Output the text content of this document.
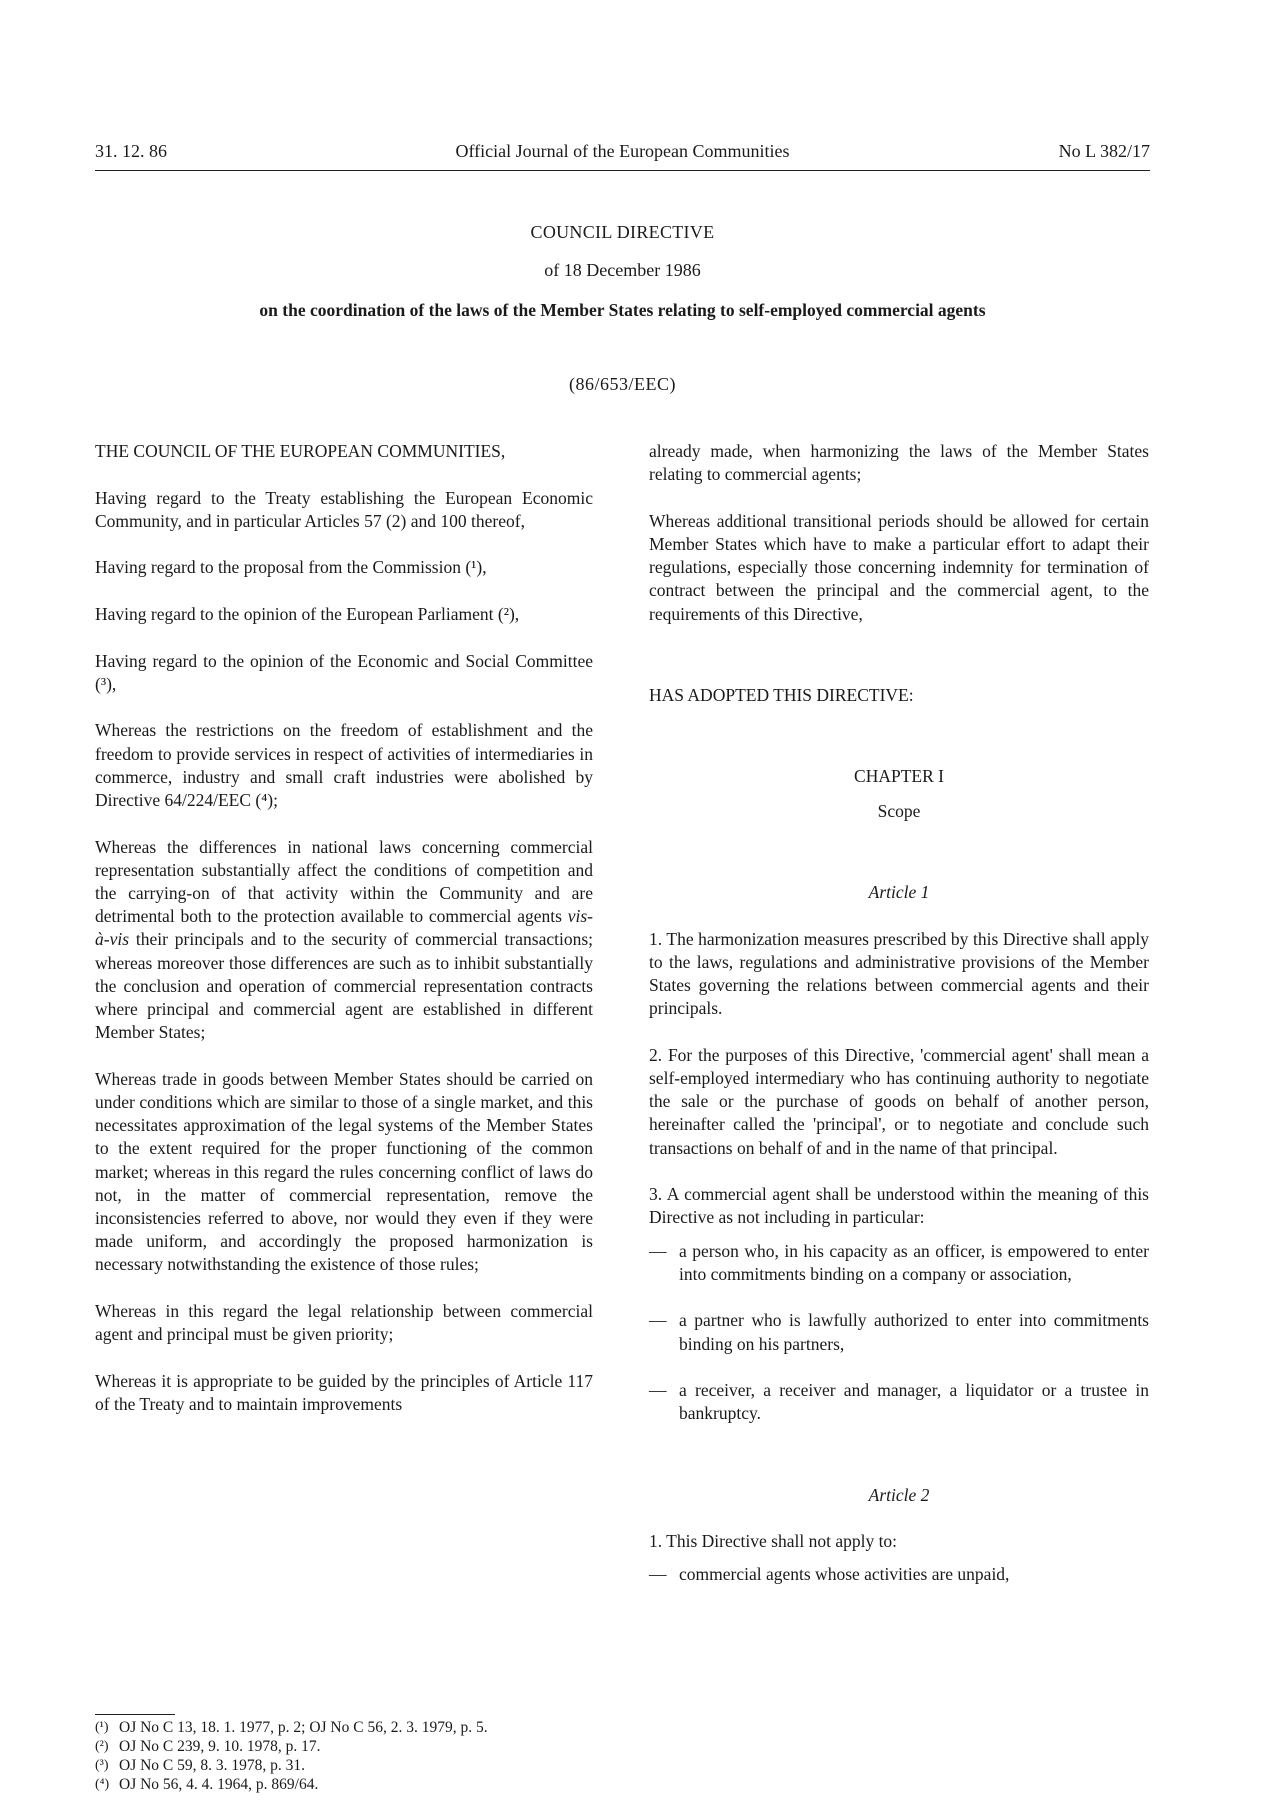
31. 12. 86	Official Journal of the European Communities	No L 382/17
COUNCIL DIRECTIVE
of 18 December 1986
on the coordination of the laws of the Member States relating to self-employed commercial agents
(86/653/EEC)

THE COUNCIL OF THE EUROPEAN COMMUNITIES,

Having regard to the Treaty establishing the European Economic Community, and in particular Articles 57 (2) and 100 thereof,

Having regard to the proposal from the Commission (¹),

Having regard to the opinion of the European Parliament (²),

Having regard to the opinion of the Economic and Social Committee (³),

Whereas the restrictions on the freedom of establishment and the freedom to provide services in respect of activities of intermediaries in commerce, industry and small craft industries were abolished by Directive 64/224/EEC (⁴);

Whereas the differences in national laws concerning commercial representation substantially affect the conditions of competition and the carrying-on of that activity within the Community and are detrimental both to the protection available to commercial agents vis-à-vis their principals and to the security of commercial transactions; whereas moreover those differences are such as to inhibit substantially the conclusion and operation of commercial representation contracts where principal and commercial agent are established in different Member States;

Whereas trade in goods between Member States should be carried on under conditions which are similar to those of a single market, and this necessitates approximation of the legal systems of the Member States to the extent required for the proper functioning of the common market; whereas in this regard the rules concerning conflict of laws do not, in the matter of commercial representation, remove the inconsistencies referred to above, nor would they even if they were made uniform, and accordingly the proposed harmonization is necessary notwithstanding the existence of those rules;

Whereas in this regard the legal relationship between commercial agent and principal must be given priority;

Whereas it is appropriate to be guided by the principles of Article 117 of the Treaty and to maintain improvements

(¹) OJ No C 13, 18. 1. 1977, p. 2; OJ No C 56, 2. 3. 1979, p. 5.
(²) OJ No C 239, 9. 10. 1978, p. 17.
(³) OJ No C 59, 8. 3. 1978, p. 31.
(⁴) OJ No 56, 4. 4. 1964, p. 869/64.

already made, when harmonizing the laws of the Member States relating to commercial agents;

Whereas additional transitional periods should be allowed for certain Member States which have to make a particular effort to adapt their regulations, especially those concerning indemnity for termination of contract between the principal and the commercial agent, to the requirements of this Directive,

HAS ADOPTED THIS DIRECTIVE:

CHAPTER I

Scope

Article 1

1. The harmonization measures prescribed by this Directive shall apply to the laws, regulations and administrative provisions of the Member States governing the relations between commercial agents and their principals.

2. For the purposes of this Directive, 'commercial agent' shall mean a self-employed intermediary who has continuing authority to negotiate the sale or the purchase of goods on behalf of another person, hereinafter called the 'principal', or to negotiate and conclude such transactions on behalf of and in the name of that principal.

3. A commercial agent shall be understood within the meaning of this Directive as not including in particular:

— a person who, in his capacity as an officer, is empowered to enter into commitments binding on a company or association,
— a partner who is lawfully authorized to enter into commitments binding on his partners,
— a receiver, a receiver and manager, a liquidator or a trustee in bankruptcy.

Article 2

1. This Directive shall not apply to:

— commercial agents whose activities are unpaid,
